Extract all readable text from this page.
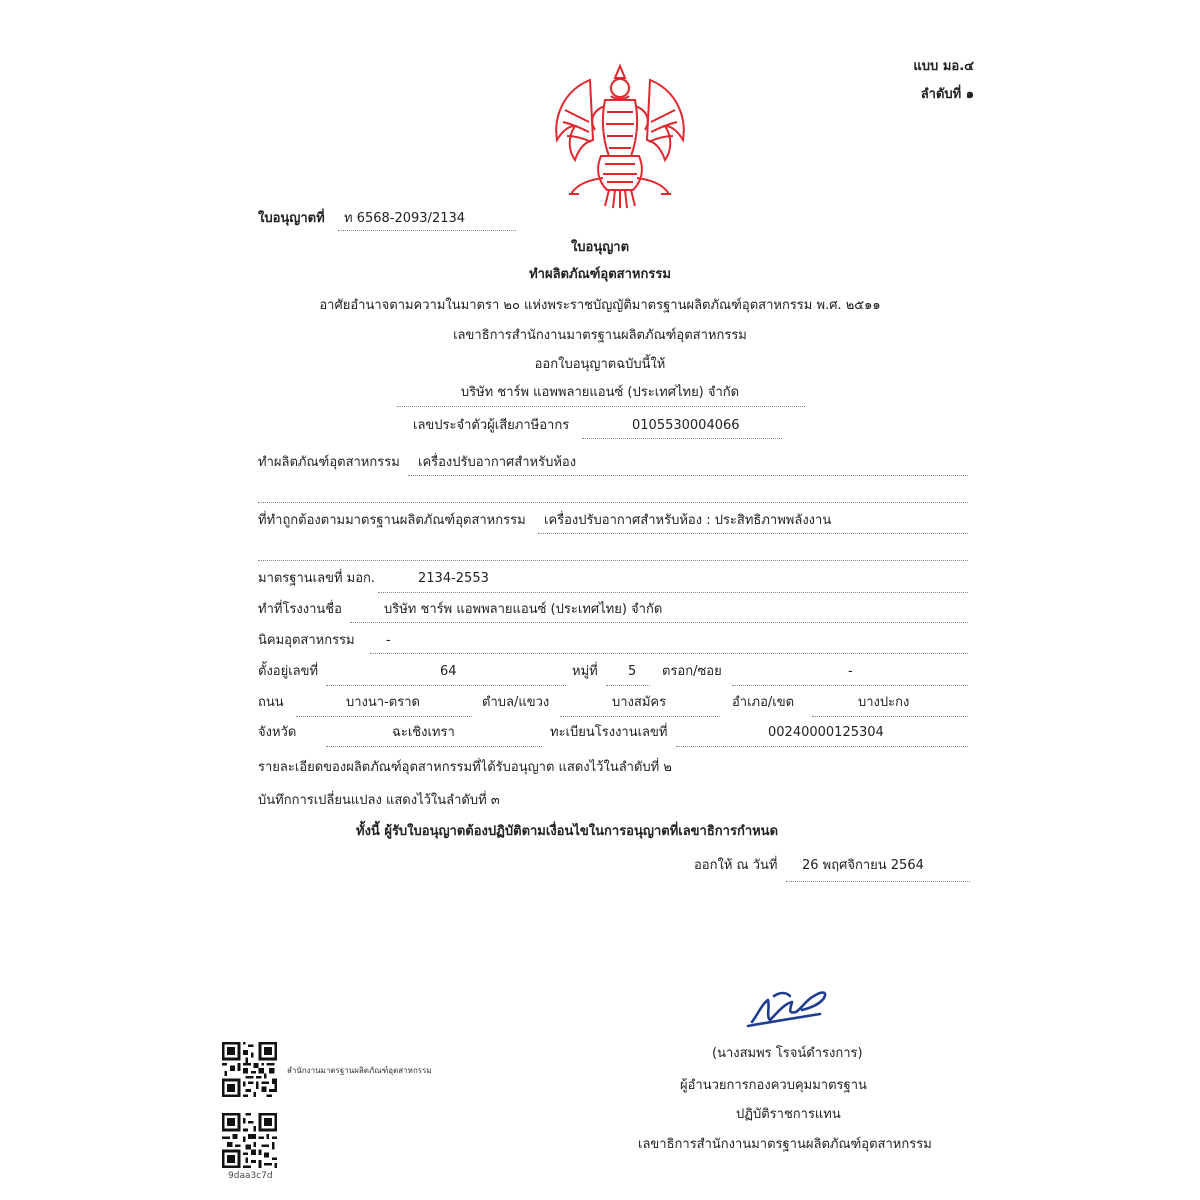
แบบ มอ.๔
ลำดับที่ ๑
ใบอนุญาตที่ ท 6568-2093/2134
ใบอนุญาต
ทำผลิตภัณฑ์อุตสาหกรรม
อาศัยอำนาจตามความในมาตรา ๒๐ แห่งพระราชบัญญัติมาตรฐานผลิตภัณฑ์อุตสาหกรรม พ.ศ. ๒๕๑๑
เลขาธิการสำนักงานมาตรฐานผลิตภัณฑ์อุตสาหกรรม
ออกใบอนุญาตฉบับนี้ให้
บริษัท ชาร์พ แอพพลายแอนซ์ (ประเทศไทย) จำกัด
เลขประจำตัวผู้เสียภาษีอากร	0105530004066
ทำผลิตภัณฑ์อุตสาหกรรม เครื่องปรับอากาศสำหรับห้อง
ที่ทำถูกต้องตามมาตรฐานผลิตภัณฑ์อุตสาหกรรม เครื่องปรับอากาศสำหรับห้อง : ประสิทธิภาพพลังงาน
มาตรฐานเลขที่ มอก.	2134-2553
ทำที่โรงงานชื่อ	บริษัท ชาร์พ แอพพลายแอนซ์ (ประเทศไทย) จำกัด
นิคมอุตสาหกรรม -
ตั้งอยู่เลขที่	64	หมู่ที่ 5 ตรอก/ซอย	-
ถนน	บางนา-ตราด	ตำบล/แขวง	บางสมัคร	อำเภอ/เขต	บางปะกง
จังหวัด	ฉะเชิงเทรา	ทะเบียนโรงงานเลขที่	00240000125304
รายละเอียดของผลิตภัณฑ์อุตสาหกรรมที่ได้รับอนุญาต แสดงไว้ในลำดับที่ ๒
บันทึกการเปลี่ยนแปลง แสดงไว้ในลำดับที่ ๓
ทั้งนี้ ผู้รับใบอนุญาตต้องปฏิบัติตามเงื่อนไขในการอนุญาตที่เลขาธิการกำหนด
ออกให้ ณ วันที่ 26 พฤศจิกายน 2564
(นางสมพร โรจน์ดำรงการ)
ผู้อำนวยการกองควบคุมมาตรฐาน
ปฏิบัติราชการแทน
เลขาธิการสำนักงานมาตรฐานผลิตภัณฑ์อุตสาหกรรม
สำนักงานมาตรฐานผลิตภัณฑ์อุตสาหกรรม
9daa3c7d
